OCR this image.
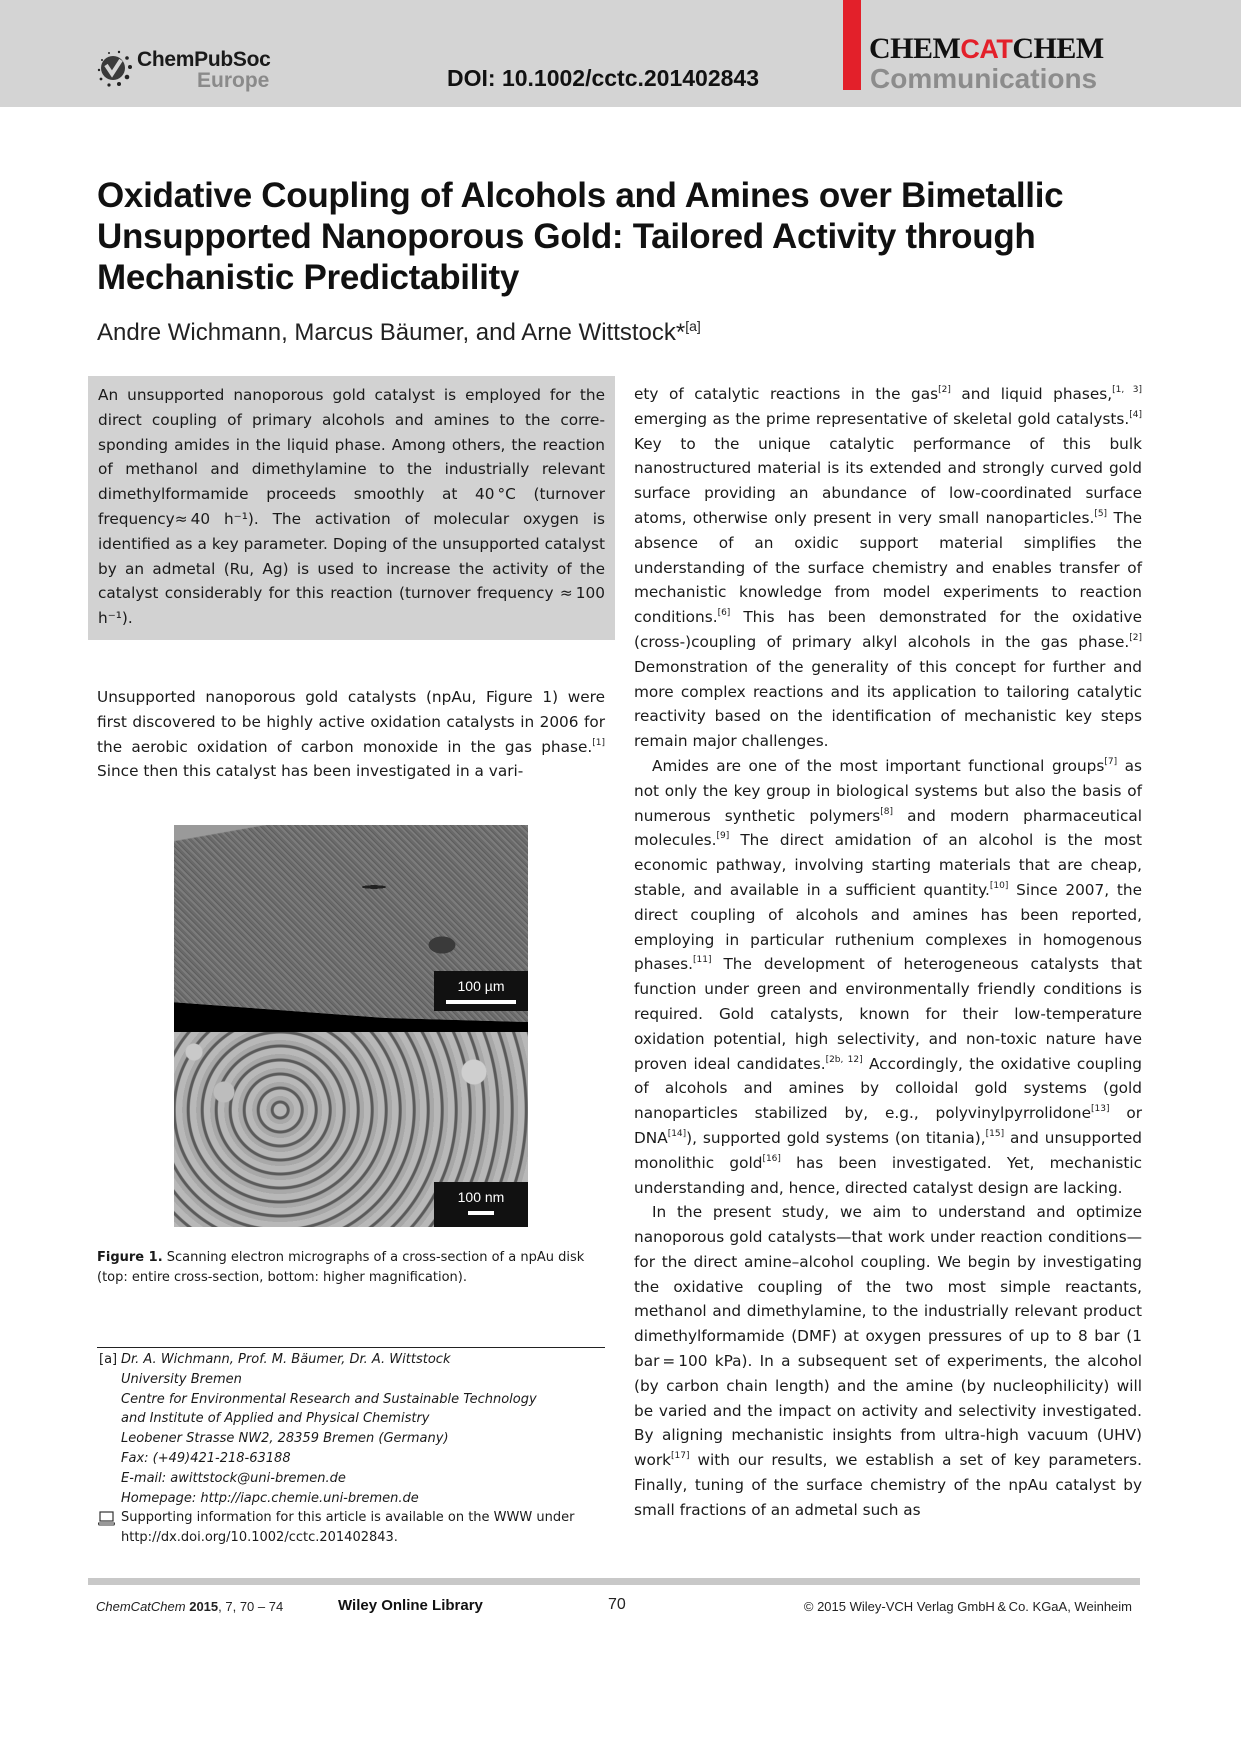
ChemPubSoc
Europe	DOI: 10.1002/cctc.201402843
CHEMCATCHEM
Communications
Oxidative Coupling of Alcohols and Amines over Bimetallic Unsupported Nanoporous Gold: Tailored Activity through Mechanistic Predictability
Andre Wichmann, Marcus Bäumer, and Arne Wittstock*[a]

An unsupported nanoporous gold catalyst is employed for the direct coupling of primary alcohols and amines to the corresponding amides in the liquid phase. Among others, the reaction of methanol and dimethylamine to the industrially relevant dimethylformamide proceeds smoothly at 40 °C (turnover frequency≈ 40 h⁻¹). The activation of molecular oxygen is identified as a key parameter. Doping of the unsupported catalyst by an admetal (Ru, Ag) is used to increase the activity of the catalyst considerably for this reaction (turnover frequency ≈ 100 h⁻¹).

Unsupported nanoporous gold catalysts (npAu, Figure 1) were first discovered to be highly active oxidation catalysts in 2006 for the aerobic oxidation of carbon monoxide in the gas phase.[1] Since then this catalyst has been investigated in a vari-

100 µm
100 nm

Figure 1. Scanning electron micrographs of a cross-section of a npAu disk (top: entire cross-section, bottom: higher magnification).

[a] Dr. A. Wichmann, Prof. M. Bäumer, Dr. A. Wittstock
University Bremen
Centre for Environmental Research and Sustainable Technology
and Institute of Applied and Physical Chemistry
Leobener Strasse NW2, 28359 Bremen (Germany)
Fax: (+49)421-218-63188
E-mail: awittstock@uni-bremen.de
Homepage: http://iapc.chemie.uni-bremen.de
Supporting information for this article is available on the WWW under
http://dx.doi.org/10.1002/cctc.201402843.

ety of catalytic reactions in the gas[2] and liquid phases,[1, 3] emerging as the prime representative of skeletal gold catalysts.[4] Key to the unique catalytic performance of this bulk nanostructured material is its extended and strongly curved gold surface providing an abundance of low-coordinated surface atoms, otherwise only present in very small nanoparticles.[5] The absence of an oxidic support material simplifies the understanding of the surface chemistry and enables transfer of mechanistic knowledge from model experiments to reaction conditions.[6] This has been demonstrated for the oxidative (cross-)coupling of primary alkyl alcohols in the gas phase.[2] Demonstration of the generality of this concept for further and more complex reactions and its application to tailoring catalytic reactivity based on the identification of mechanistic key steps remain major challenges.

Amides are one of the most important functional groups[7] as not only the key group in biological systems but also the basis of numerous synthetic polymers[8] and modern pharmaceutical molecules.[9] The direct amidation of an alcohol is the most economic pathway, involving starting materials that are cheap, stable, and available in a sufficient quantity.[10] Since 2007, the direct coupling of alcohols and amines has been reported, employing in particular ruthenium complexes in homogenous phases.[11] The development of heterogeneous catalysts that function under green and environmentally friendly conditions is required. Gold catalysts, known for their low-temperature oxidation potential, high selectivity, and non-toxic nature have proven ideal candidates.[2b, 12] Accordingly, the oxidative coupling of alcohols and amines by colloidal gold systems (gold nanoparticles stabilized by, e.g., polyvinylpyrrolidone[13] or DNA[14]), supported gold systems (on titania),[15] and unsupported monolithic gold[16] has been investigated. Yet, mechanistic understanding and, hence, directed catalyst design are lacking.

In the present study, we aim to understand and optimize nanoporous gold catalysts—that work under reaction conditions—for the direct amine–alcohol coupling. We begin by investigating the oxidative coupling of the two most simple reactants, methanol and dimethylamine, to the industrially relevant product dimethylformamide (DMF) at oxygen pressures of up to 8 bar (1 bar = 100 kPa). In a subsequent set of experiments, the alcohol (by carbon chain length) and the amine (by nucleophilicity) will be varied and the impact on activity and selectivity investigated. By aligning mechanistic insights from ultra-high vacuum (UHV) work[17] with our results, we establish a set of key parameters. Finally, tuning of the surface chemistry of the npAu catalyst by small fractions of an admetal such as

ChemCatChem 2015, 7, 70 – 74	Wiley Online Library	70	© 2015 Wiley-VCH Verlag GmbH & Co. KGaA, Weinheim
